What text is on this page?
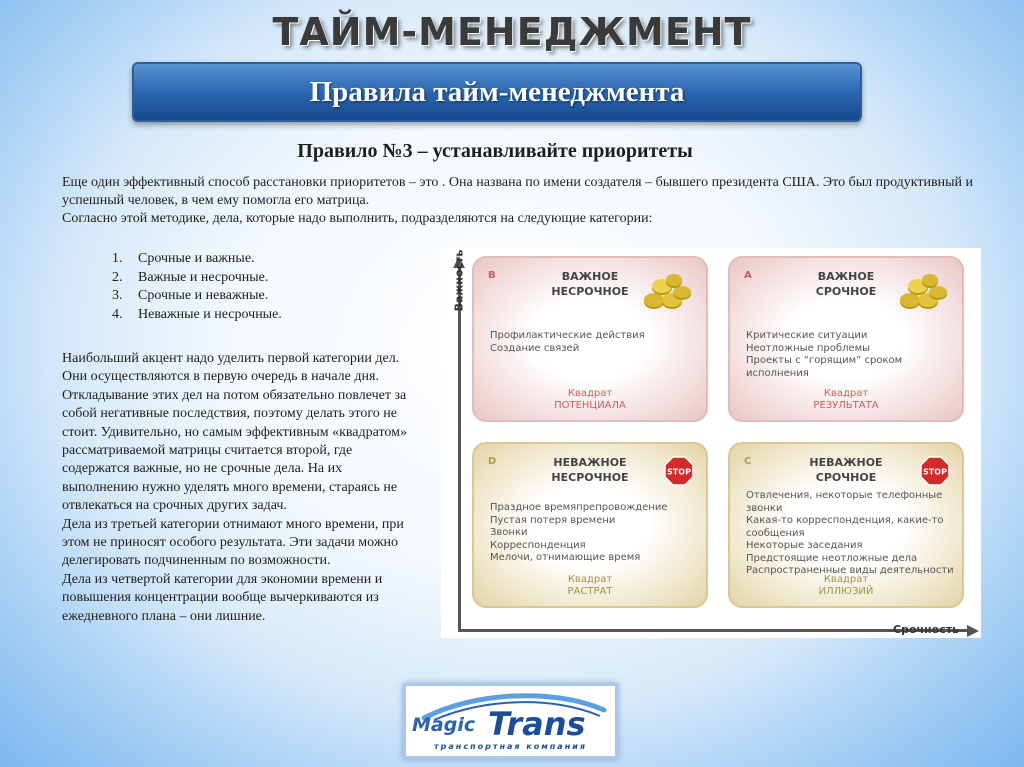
ТАЙМ-МЕНЕДЖМЕНТ
Правила тайм-менеджмента
Правило №3 – устанавливайте приоритеты

Еще один эффективный способ расстановки приоритетов – это . Она названа по имени создателя – бывшего президента США. Это был продуктивный и успешный человек, в чем ему помогла его матрица.

Согласно этой методике, дела, которые надо выполнить, подразделяются на следующие категории:

1. Срочные и важные.
2. Важные и несрочные.
3. Срочные и неважные.
4. Неважные и несрочные.

Наибольший акцент надо уделить первой категории дел. Они осуществляются в первую очередь в начале дня. Откладывание этих дел на потом обязательно повлечет за собой негативные последствия, поэтому делать этого не стоит. Удивительно, но самым эффективным «квадратом» рассматриваемой матрицы считается второй, где содержатся важные, но не срочные дела. На их выполнению нужно уделять много времени, стараясь не отвлекаться на срочных других задач.

Дела из третьей категории отнимают много времени, при этом не приносят особого результата. Эти задачи можно делегировать подчиненным по возможности.

Дела из четвертой категории для экономии времени и повышения концентрации вообще вычеркиваются из ежедневного плана – они лишние.

Важность
Срочность
B	ВАЖНОЕ
НЕСРОЧНОЕ
Профилактические действия
Создание связей
Квадрат
ПОТЕНЦИАЛА
A	ВАЖНОЕ
СРОЧНОЕ
Критические ситуации
Неотложные проблемы
Проекты с “горящим” сроком
исполнения
Квадрат
РЕЗУЛЬТАТА
D	НЕВАЖНОЕ
НЕСРОЧНОЕ	STOP
Праздное времяпрепровождение
Пустая потеря времени
Звонки
Корреспонденция
Мелочи, отнимающие время
Квадрат
РАСТРАТ
C	НЕВАЖНОЕ
СРОЧНОЕ	STOP
Отвлечения, некоторые телефонные
звонки
Какая-то корреспонденция, какие-то
сообщения
Некоторые заседания
Предстоящие неотложные дела
Распространенные виды деятельности
Квадрат
ИЛЛЮЗИЙ
Magic Trans
транспортная компания
